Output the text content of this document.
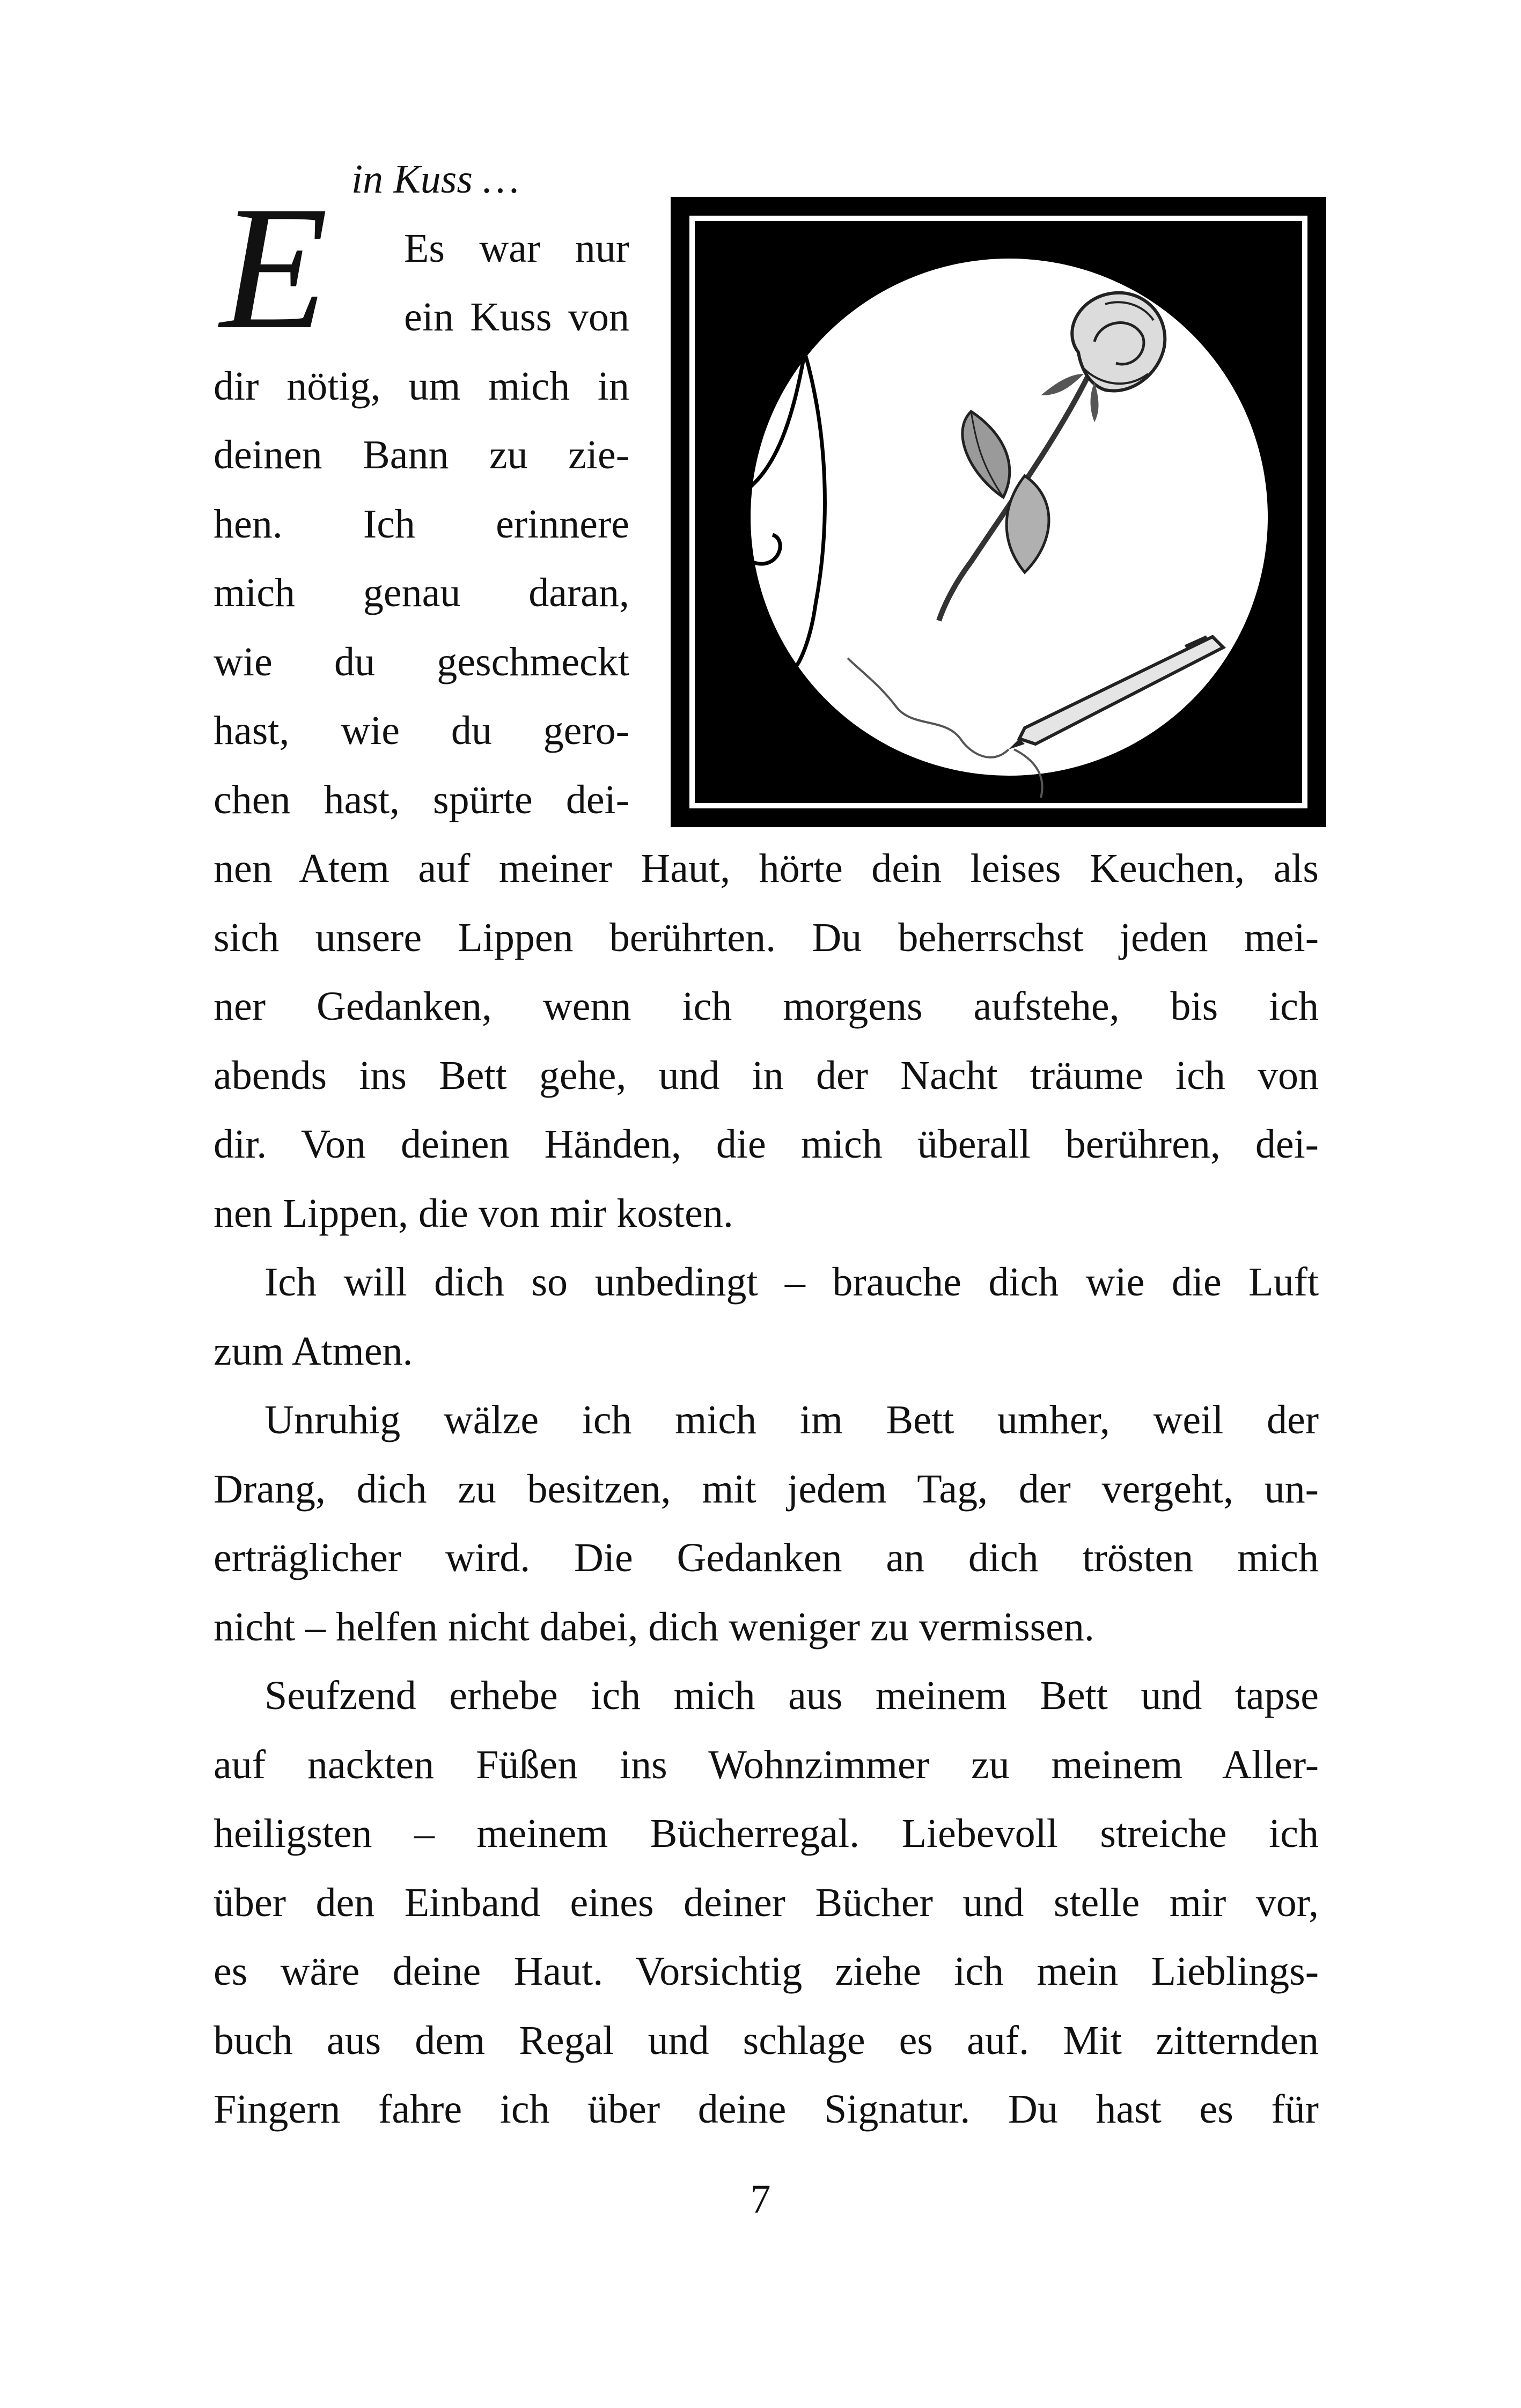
E in Kuss …
Es war nur
ein Kuss von
dir nötig, um mich in
deinen Bann zu zie-
hen. Ich erinnere
mich genau daran,
wie du geschmeckt
hast, wie du gero-
chen hast, spürte dei-
nen Atem auf meiner Haut, hörte dein leises Keuchen, als
sich unsere Lippen berührten. Du beherrschst jeden mei-
ner Gedanken, wenn ich morgens aufstehe, bis ich
abends ins Bett gehe, und in der Nacht träume ich von
dir. Von deinen Händen, die mich überall berühren, dei-
nen Lippen, die von mir kosten.
Ich will dich so unbedingt – brauche dich wie die Luft
zum Atmen.
Unruhig wälze ich mich im Bett umher, weil der
Drang, dich zu besitzen, mit jedem Tag, der vergeht, un-
erträglicher wird. Die Gedanken an dich trösten mich
nicht – helfen nicht dabei, dich weniger zu vermissen.
Seufzend erhebe ich mich aus meinem Bett und tapse
auf nackten Füßen ins Wohnzimmer zu meinem Aller-
heiligsten – meinem Bücherregal. Liebevoll streiche ich
über den Einband eines deiner Bücher und stelle mir vor,
es wäre deine Haut. Vorsichtig ziehe ich mein Lieblings-
buch aus dem Regal und schlage es auf. Mit zitternden
Fingern fahre ich über deine Signatur. Du hast es für
7
